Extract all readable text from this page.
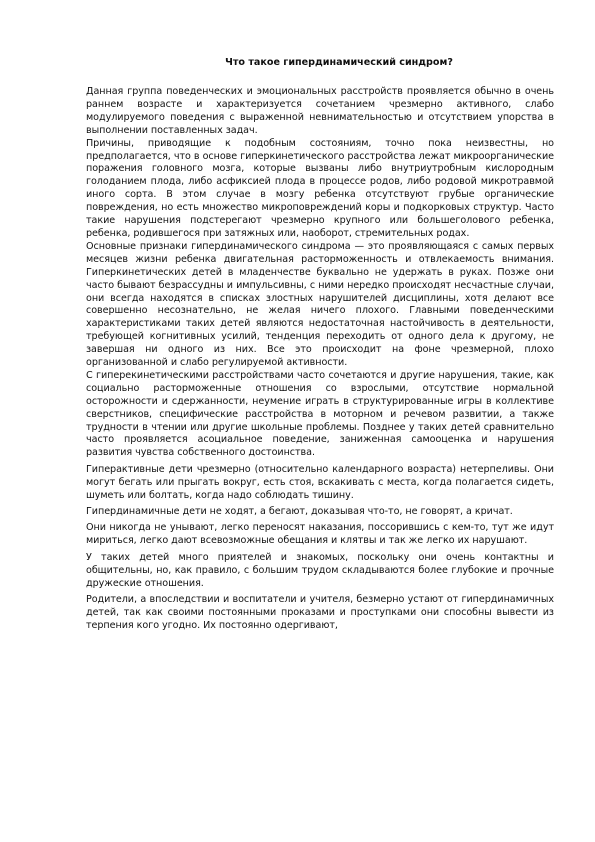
Что такое гипердинамический синдром?

Данная группа поведенческих и эмоциональных расстройств проявляется обычно в очень раннем возрасте и характеризуется сочетанием чрезмерно активного, слабо модулируемого поведения с выраженной невнимательностью и отсутствием упорства в выполнении поставленных задач.

Причины, приводящие к подобным состояниям, точно пока неизвестны, но предполагается, что в основе гиперкинетического расстройства лежат микроорганические поражения головного мозга, которые вызваны либо внутриутробным кислородным голоданием плода, либо асфиксией плода в процессе родов, либо родовой микротравмой иного сорта. В этом случае в мозгу ребенка отсутствуют грубые органические повреждения, но есть множество микроповреждений коры и подкорковых структур. Часто такие нарушения подстерегают чрезмерно крупного или большеголового ребенка, ребенка, родившегося при затяжных или, наоборот, стремительных родах.

Основные признаки гипердинамического синдрома — это проявляющаяся с самых первых месяцев жизни ребенка двигательная расторможенность и отвлекаемость внимания. Гиперкинетических детей в младенчестве буквально не удержать в руках. Позже они часто бывают безрассудны и импульсивны, с ними нередко происходят несчастные случаи, они всегда находятся в списках злостных нарушителей дисциплины, хотя делают все совершенно несознательно, не желая ничего плохого. Главными поведенческими характеристиками таких детей являются недостаточная настойчивость в деятельности, требующей когнитивных усилий, тенденция переходить от одного дела к другому, не завершая ни одного из них. Все это происходит на фоне чрезмерной, плохо организованной и слабо регулируемой активности.

С гиперекинетическими расстройствами часто сочетаются и другие нарушения, такие, как социально расторможенные отношения со взрослыми, отсутствие нормальной осторожности и сдержанности, неумение играть в структурированные игры в коллективе сверстников, специфические расстройства в моторном и речевом развитии, а также трудности в чтении или другие школьные проблемы. Позднее у таких детей сравнительно часто проявляется асоциальное поведение, заниженная самооценка и нарушения развития чувства собственного достоинства.

Гиперактивные дети чрезмерно (относительно календарного возраста) нетерпеливы. Они могут бегать или прыгать вокруг, есть стоя, вскакивать с места, когда полагается сидеть, шуметь или болтать, когда надо соблюдать тишину.

Гипердинамичные дети не ходят, а бегают, доказывая что-то, не говорят, а кричат.

Они никогда не унывают, легко переносят наказания, поссорившись с кем-то, тут же идут мириться, легко дают всевозможные обещания и клятвы и так же легко их нарушают.

У таких детей много приятелей и знакомых, поскольку они очень контактны и общительны, но, как правило, с большим трудом складываются более глубокие и прочные дружеские отношения.

Родители, а впоследствии и воспитатели и учителя, безмерно устают от гипердинамичных детей, так как своими постоянными проказами и проступками они способны вывести из терпения кого угодно. Их постоянно одергивают,
